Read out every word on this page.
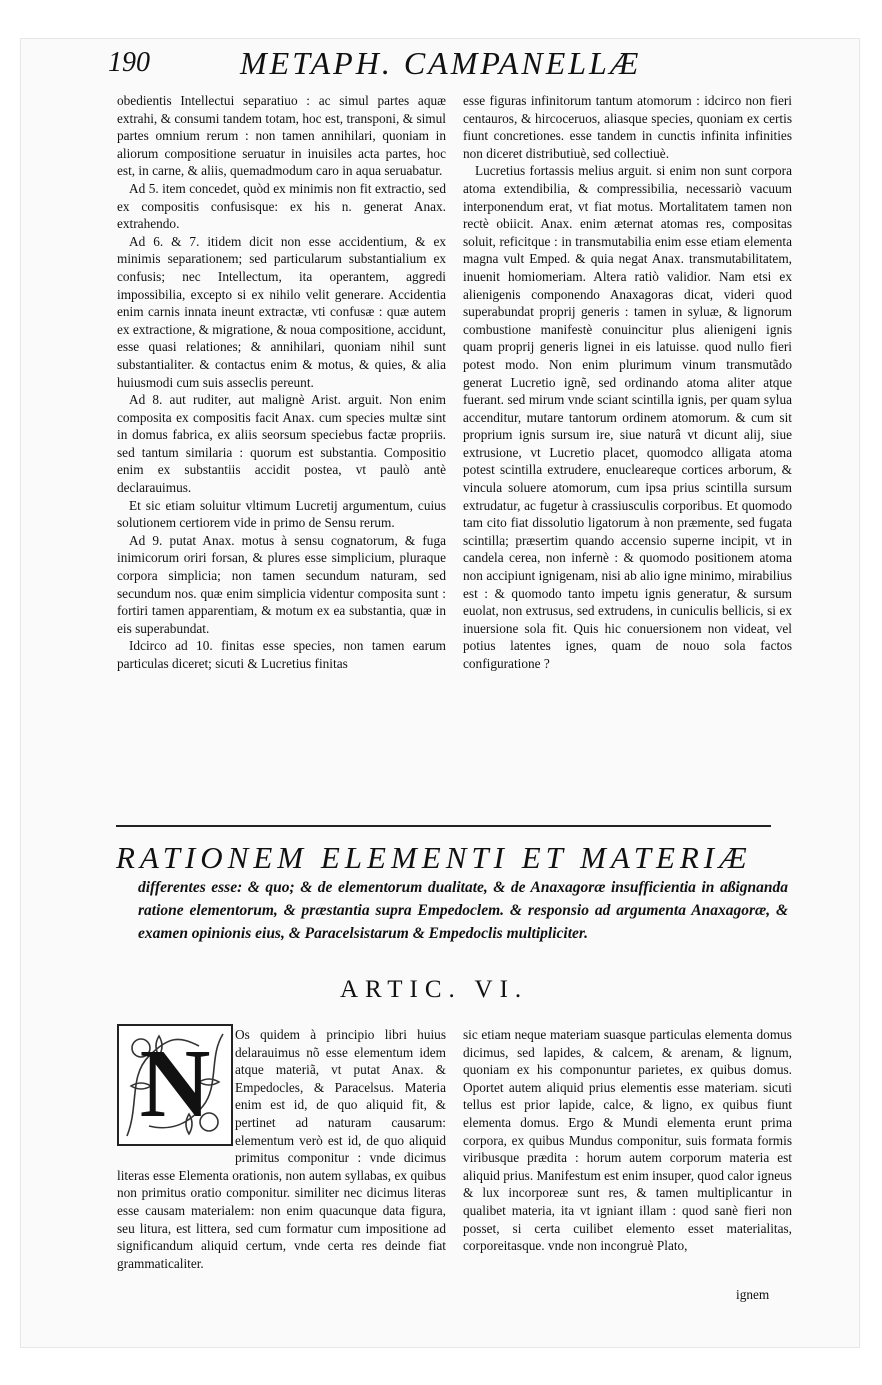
190	METAPH. CAMPANELLÆ

obedientis Intellectui separatiuo : ac simul partes aquæ extrahi, & consumi tandem totam, hoc est, transponi, & simul partes omnium rerum : non tamen annihilari, quoniam in aliorum compositione seruatur in inuisiles acta partes, hoc est, in carne, & aliis, quemadmodum caro in aqua seruabatur.

Ad 5. item concedet, quòd ex minimis non fit extractio, sed ex compositis confusisque: ex his n. generat Anax. extrahendo.

Ad 6. & 7. itidem dicit non esse accidentium, & ex minimis separationem; sed particularum substantialium ex confusis; nec Intellectum, ita operantem, aggredi impossibilia, excepto si ex nihilo velit generare. Accidentia enim carnis innata ineunt extractæ, vti confusæ : quæ autem ex extractione, & migratione, & noua compositione, accidunt, esse quasi relationes; & annihilari, quoniam nihil sunt substantialiter. & contactus enim & motus, & quies, & alia huiusmodi cum suis asseclis pereunt.

Ad 8. aut ruditer, aut malignè Arist. arguit. Non enim composita ex compositis facit Anax. cum species multæ sint in domus fabrica, ex aliis seorsum speciebus factæ propriis. sed tantum similaria : quorum est substantia. Compositio enim ex substantiis accidit postea, vt paulò antè declarauimus.

Et sic etiam soluitur vltimum Lucretij argumentum, cuius solutionem certiorem vide in primo de Sensu rerum.

Ad 9. putat Anax. motus à sensu cognatorum, & fuga inimicorum oriri forsan, & plures esse simplicium, pluraque corpora simplicia; non tamen secundum naturam, sed secundum nos. quæ enim simplicia videntur composita sunt : fortiri tamen apparentiam, & motum ex ea substantia, quæ in eis superabundat.

Idcirco ad 10. finitas esse species, non tamen earum particulas diceret; sicuti & Lucretius finitas

esse figuras infinitorum tantum atomorum : idcirco non fieri centauros, & hircoceruos, aliasque species, quoniam ex certis fiunt concretiones. esse tandem in cunctis infinita infinities non diceret distributiuè, sed collectiuè.

Lucretius fortassis melius arguit. si enim non sunt corpora atoma extendibilia, & compressibilia, necessariò vacuum interponendum erat, vt fiat motus. Mortalitatem tamen non rectè obiicit. Anax. enim æternat atomas res, compositas soluit, reficitque : in transmutabilia enim esse etiam elementa magna vult Emped. & quia negat Anax. transmutabilitatem, inuenit homiomeriam. Altera ratiò validior. Nam etsi ex alienigenis componendo Anaxagoras dicat, videri quod superabundat proprij generis : tamen in syluæ, & lignorum combustione manifestè conuincitur plus alienigeni ignis quam proprij generis lignei in eis latuisse. quod nullo fieri potest modo. Non enim plurimum vinum transmutãdo generat Lucretio ignẽ, sed ordinando atoma aliter atque fuerant. sed mirum vnde sciant scintilla ignis, per quam sylua accenditur, mutare tantorum ordinem atomorum. & cum sit proprium ignis sursum ire, siue naturâ vt dicunt alij, siue extrusione, vt Lucretio placet, quomodco alligata atoma potest scintilla extrudere, enucleareque cortices arborum, & vincula soluere atomorum, cum ipsa prius scintilla sursum extrudatur, ac fugetur à crassiusculis corporibus. Et quomodo tam cito fiat dissolutio ligatorum à non præmente, sed fugata scintilla; præsertim quando accensio superne incipit, vt in candela cerea, non infernè : & quomodo positionem atoma non accipiunt ignigenam, nisi ab alio igne minimo, mirabilius est : & quomodo tanto impetu ignis generatur, & sursum euolat, non extrusus, sed extrudens, in cuniculis bellicis, si ex inuersione sola fit. Quis hic conuersionem non videat, vel potius latentes ignes, quam de nouo sola factos configuratione ?

RATIONEM ELEMENTI ET MATERIÆ
differentes esse: & quo; & de elementorum dualitate, & de Anaxagoræ insufficientia in aßignanda ratione elementorum, & præstantia supra Empedoclem. & responsio ad argumenta Anaxagoræ, & examen opinionis eius, & Paracelsistarum & Empedoclis multipliciter.
ARTIC. VI.

Os quidem à principio libri huius delarauimus nõ esse elementum idem atque materiã, vt putat Anax. & Empedocles, & Paracelsus. Materia enim est id, de quo aliquid fit, & pertinet ad naturam causarum: elementum verò est id, de quo aliquid primitus componitur : vnde dicimus literas esse Elementa orationis, non autem syllabas, ex quibus non primitus oratio componitur. similiter nec dicimus literas esse causam materialem: non enim quacunque data figura, seu litura, est littera, sed cum formatur cum impositione ad significandum aliquid certum, vnde certa res deinde fiat grammaticaliter.

N	sic etiam neque materiam suasque particulas elementa domus dicimus, sed lapides, & calcem, & arenam, & lignum, quoniam ex his componuntur parietes, ex quibus domus. Oportet autem aliquid prius elementis esse materiam. sicuti tellus est prior lapide, calce, & ligno, ex quibus fiunt elementa domus. Ergo & Mundi elementa erunt prima corpora, ex quibus Mundus componitur, suis formata formis viribusque prædita : horum autem corporum materia est aliquid prius. Manifestum est enim insuper, quod calor igneus & lux incorporeæ sunt res, & tamen multiplicantur in qualibet materia, ita vt igniant illam : quod sanè fieri non posset, si certa cuilibet elemento esset materialitas, corporeitasque. vnde non incongruè Plato,

ignem
